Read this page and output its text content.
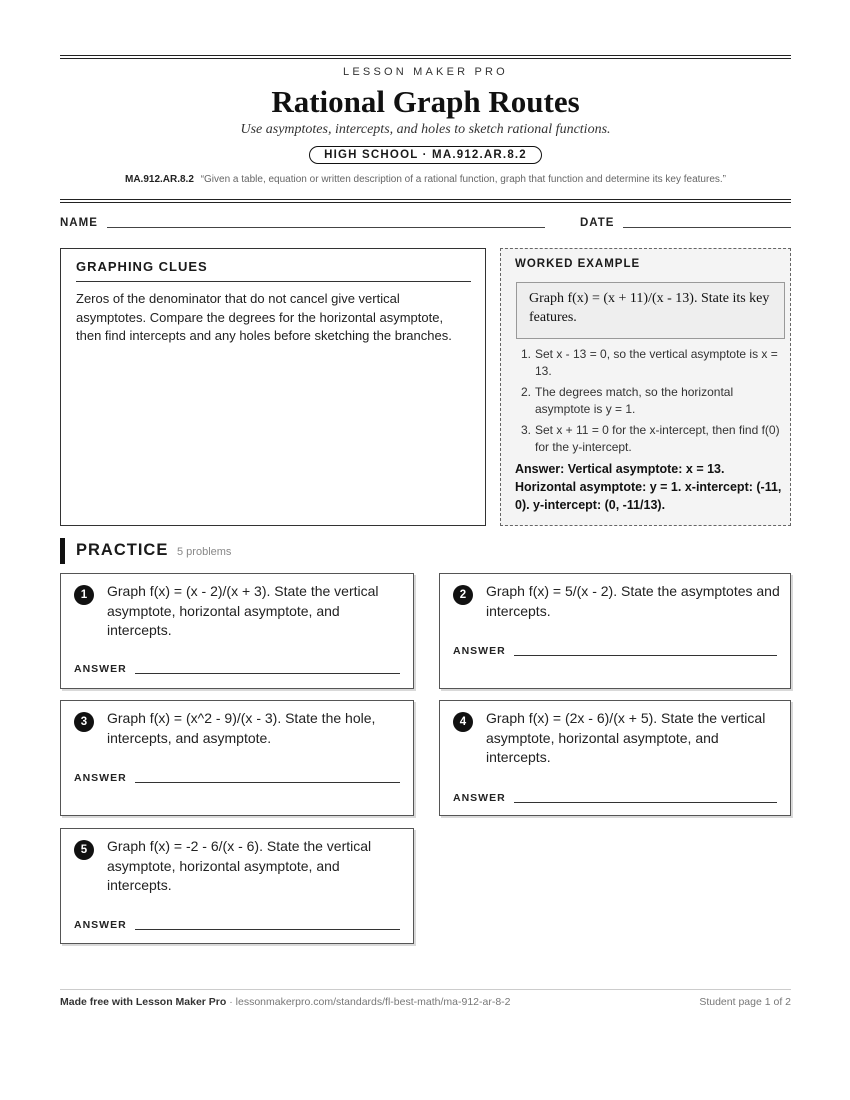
LESSON MAKER PRO
Rational Graph Routes
Use asymptotes, intercepts, and holes to sketch rational functions.
HIGH SCHOOL · MA.912.AR.8.2
MA.912.AR.8.2 “Given a table, equation or written description of a rational function, graph that function and determine its key features.”
NAME	DATE
GRAPHING CLUES
Zeros of the denominator that do not cancel give vertical asymptotes. Compare the degrees for the horizontal asymptote, then find intercepts and any holes before sketching the branches.
WORKED EXAMPLE
Graph f(x) = (x + 11)/(x - 13). State its key features.
1. Set x - 13 = 0, so the vertical asymptote is x = 13.
2. The degrees match, so the horizontal asymptote is y = 1.
3. Set x + 11 = 0 for the x-intercept, then find f(0) for the y-intercept.
Answer: Vertical asymptote: x = 13. Horizontal asymptote: y = 1. x-intercept: (-11, 0). y-intercept: (0, -11/13).
PRACTICE 5 problems
1	Graph f(x) = (x - 2)/(x + 3). State the vertical asymptote, horizontal asymptote, and intercepts.
ANSWER
2	Graph f(x) = 5/(x - 2). State the asymptotes and intercepts.
ANSWER
3	Graph f(x) = (x^2 - 9)/(x - 3). State the hole, intercepts, and asymptote.
ANSWER
4	Graph f(x) = (2x - 6)/(x + 5). State the vertical asymptote, horizontal asymptote, and intercepts.
ANSWER
5	Graph f(x) = -2 - 6/(x - 6). State the vertical asymptote, horizontal asymptote, and intercepts.
ANSWER
Made free with Lesson Maker Pro · lessonmakerpro.com/standards/fl-best-math/ma-912-ar-8-2	Student page 1 of 2
